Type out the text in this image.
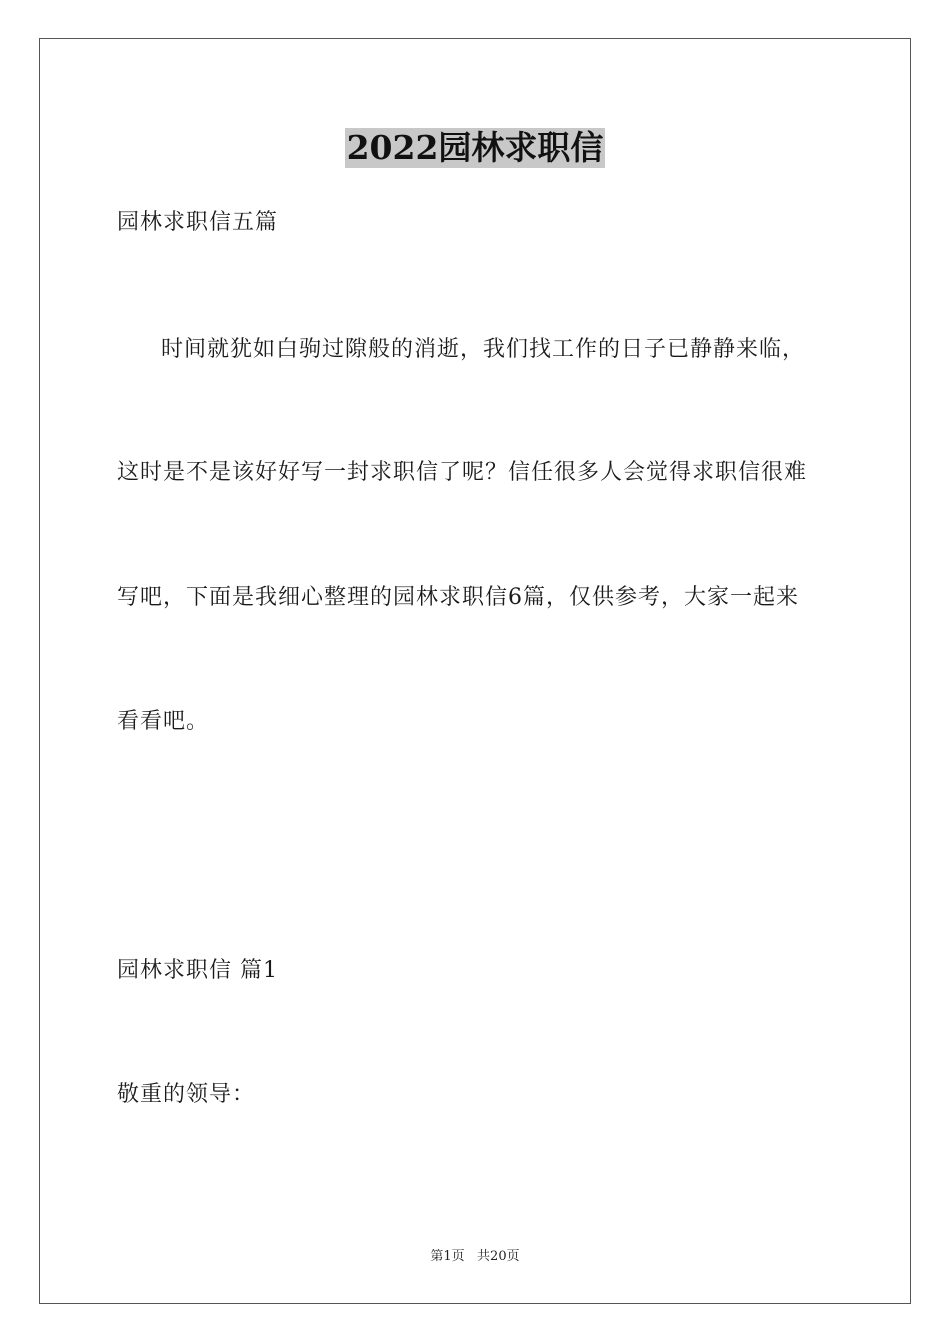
2022园林求职信
园林求职信五篇
时间就犹如白驹过隙般的消逝，我们找工作的日子已静静来临，
这时是不是该好好写一封求职信了呢？信任很多人会觉得求职信很难
写吧，下面是我细心整理的园林求职信6篇，仅供参考，大家一起来
看看吧。
园林求职信 篇1
敬重的领导：
第1页   共20页
